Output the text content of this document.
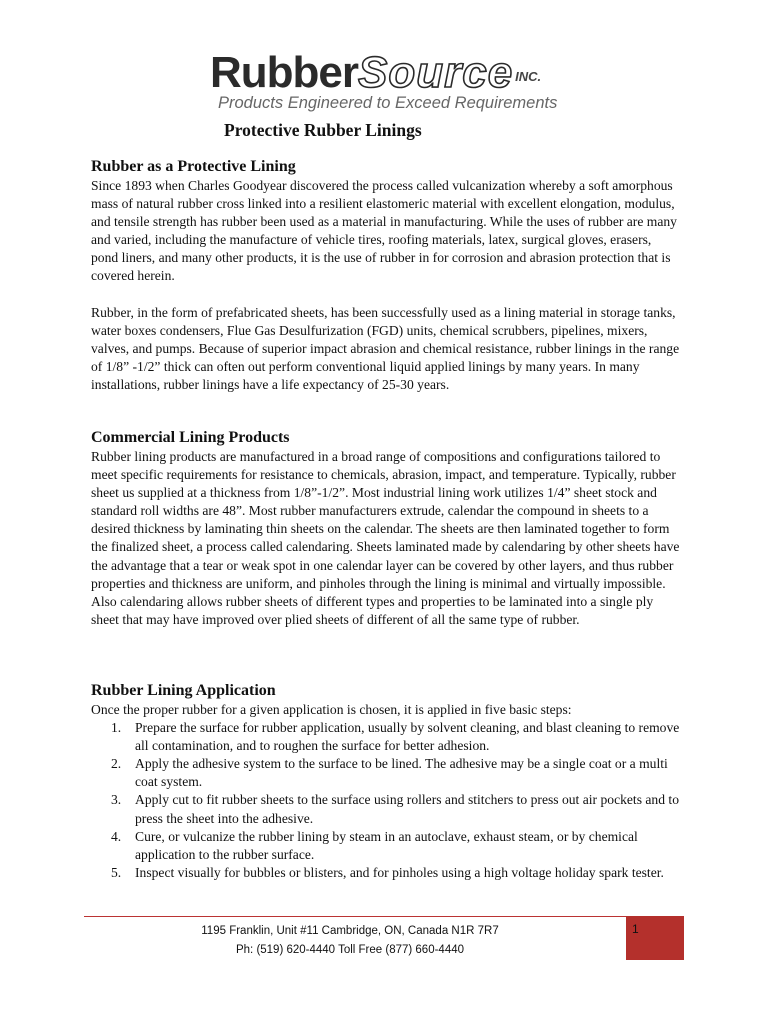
RubberSource INC.
Products Engineered to Exceed Requirements
Protective Rubber Linings
Rubber as a Protective Lining

Since 1893 when Charles Goodyear discovered the process called vulcanization whereby a soft amorphous mass of natural rubber cross linked into a resilient elastomeric material with excellent elongation, modulus, and tensile strength has rubber been used as a material in manufacturing. While the uses of rubber are many and varied, including the manufacture of vehicle tires, roofing materials, latex, surgical gloves, erasers, pond liners, and many other products, it is the use of rubber in for corrosion and abrasion protection that is covered herein.

Rubber, in the form of prefabricated sheets, has been successfully used as a lining material in storage tanks, water boxes condensers, Flue Gas Desulfurization (FGD) units, chemical scrubbers, pipelines, mixers, valves, and pumps. Because of superior impact abrasion and chemical resistance, rubber linings in the range of 1/8” -1/2” thick can often out perform conventional liquid applied linings by many years. In many installations, rubber linings have a life expectancy of 25-30 years.

Commercial Lining Products

Rubber lining products are manufactured in a broad range of compositions and configurations tailored to meet specific requirements for resistance to chemicals, abrasion, impact, and temperature. Typically, rubber sheet us supplied at a thickness from 1/8”-1/2”. Most industrial lining work utilizes 1/4” sheet stock and standard roll widths are 48”. Most rubber manufacturers extrude, calendar the compound in sheets to a desired thickness by laminating thin sheets on the calendar. The sheets are then laminated together to form the finalized sheet, a process called calendaring. Sheets laminated made by calendaring by other sheets have the advantage that a tear or weak spot in one calendar layer can be covered by other layers, and thus rubber properties and thickness are uniform, and pinholes through the lining is minimal and virtually impossible. Also calendaring allows rubber sheets of different types and properties to be laminated into a single ply sheet that may have improved over plied sheets of different of all the same type of rubber.

Rubber Lining Application

Once the proper rubber for a given application is chosen, it is applied in five basic steps:

1. Prepare the surface for rubber application, usually by solvent cleaning, and blast cleaning to remove all contamination, and to roughen the surface for better adhesion.
2. Apply the adhesive system to the surface to be lined. The adhesive may be a single coat or a multi coat system.
3. Apply cut to fit rubber sheets to the surface using rollers and stitchers to press out air pockets and to press the sheet into the adhesive.
4. Cure, or vulcanize the rubber lining by steam in an autoclave, exhaust steam, or by chemical application to the rubber surface.
5. Inspect visually for bubbles or blisters, and for pinholes using a high voltage holiday spark tester.
1195 Franklin, Unit #11 Cambridge, ON, Canada N1R 7R7
Ph: (519) 620-4440 Toll Free (877) 660-4440
1
